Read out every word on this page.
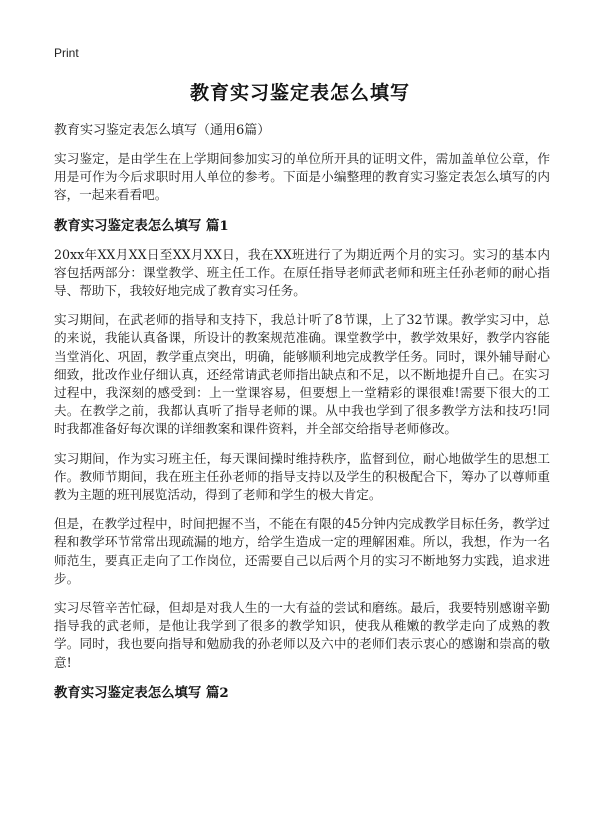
Print
教育实习鉴定表怎么填写

教育实习鉴定表怎么填写（通用6篇）

实习鉴定，是由学生在上学期间参加实习的单位所开具的证明文件，需加盖单位公章，作用是可作为今后求职时用人单位的参考。下面是小编整理的教育实习鉴定表怎么填写的内容，一起来看看吧。

教育实习鉴定表怎么填写 篇1

20xx年XX月XX日至XX月XX日，我在XX班进行了为期近两个月的实习。实习的基本内容包括两部分：课堂教学、班主任工作。在原任指导老师武老师和班主任孙老师的耐心指导、帮助下，我较好地完成了教育实习任务。

实习期间，在武老师的指导和支持下，我总计听了8节课，上了32节课。教学实习中，总的来说，我能认真备课，所设计的教案规范准确。课堂教学中，教学效果好，教学内容能当堂消化、巩固，教学重点突出，明确，能够顺利地完成教学任务。同时，课外辅导耐心细致，批改作业仔细认真，还经常请武老师指出缺点和不足，以不断地提升自己。在实习过程中，我深刻的感受到：上一堂课容易，但要想上一堂精彩的课很难!需要下很大的工夫。在教学之前，我都认真听了指导老师的课。从中我也学到了很多教学方法和技巧!同时我都准备好每次课的详细教案和课件资料，并全部交给指导老师修改。

实习期间，作为实习班主任，每天课间操时维持秩序，监督到位，耐心地做学生的思想工作。教师节期间，我在班主任孙老师的指导支持以及学生的积极配合下，筹办了以尊师重教为主题的班刊展览活动，得到了老师和学生的极大肯定。

但是，在教学过程中，时间把握不当，不能在有限的45分钟内完成教学目标任务，教学过程和教学环节常常出现疏漏的地方，给学生造成一定的理解困难。所以，我想，作为一名师范生，要真正走向了工作岗位，还需要自己以后两个月的实习不断地努力实践，追求进步。

实习尽管辛苦忙碌，但却是对我人生的一大有益的尝试和磨练。最后，我要特别感谢辛勤指导我的武老师，是他让我学到了很多的教学知识，使我从稚嫩的教学走向了成熟的教学。同时，我也要向指导和勉励我的孙老师以及六中的老师们表示衷心的感谢和崇高的敬意!

教育实习鉴定表怎么填写 篇2
